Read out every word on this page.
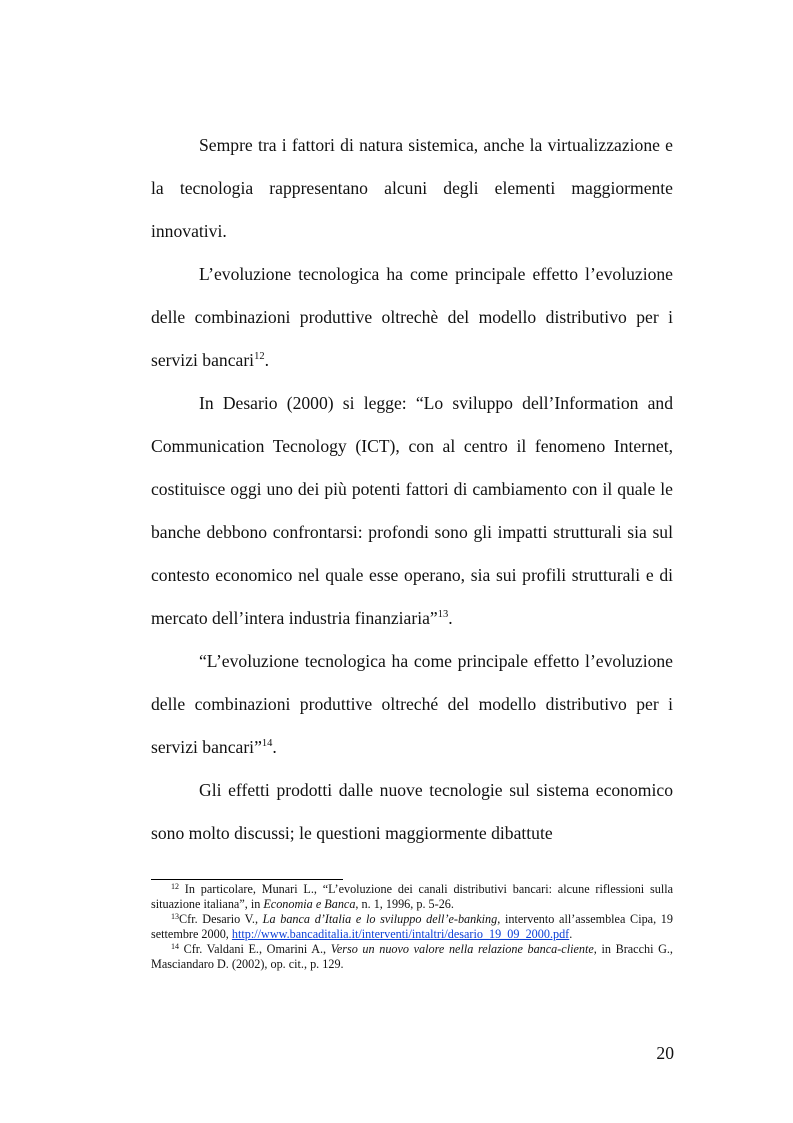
Sempre tra i fattori di natura sistemica, anche la virtualizzazione e la tecnologia rappresentano alcuni degli elementi maggiormente innovativi.

L’evoluzione tecnologica ha come principale effetto l’evoluzione delle combinazioni produttive oltrechè del modello distributivo per i servizi bancari$^{12}$.

In Desario (2000) si legge: “Lo sviluppo dell’Information and Communication Tecnology (ICT), con al centro il fenomeno Internet, costituisce oggi uno dei più potenti fattori di cambiamento con il quale le banche debbono confrontarsi: profondi sono gli impatti strutturali sia sul contesto economico nel quale esse operano, sia sui profili strutturali e di mercato dell’intera industria finanziaria”$^{13}$.

“L’evoluzione tecnologica ha come principale effetto l’evoluzione delle combinazioni produttive oltreché del modello distributivo per i servizi bancari”$^{14}$.

Gli effetti prodotti dalle nuove tecnologie sul sistema economico sono molto discussi; le questioni maggiormente dibattute

$^{12}$ In particolare, Munari L., “L’evoluzione dei canali distributivi bancari: alcune riflessioni sulla situazione italiana”, in Economia e Banca, n. 1, 1996, p. 5-26.

$^{13}$Cfr. Desario V., La banca d’Italia e lo sviluppo dell’e-banking, intervento all’assemblea Cipa, 19 settembre 2000, http://www.bancaditalia.it/interventi/intaltri/desario_19_09_2000.pdf.

$^{14}$ Cfr. Valdani E., Omarini A., Verso un nuovo valore nella relazione banca-cliente, in Bracchi G., Masciandaro D. (2002), op. cit., p. 129.

20
